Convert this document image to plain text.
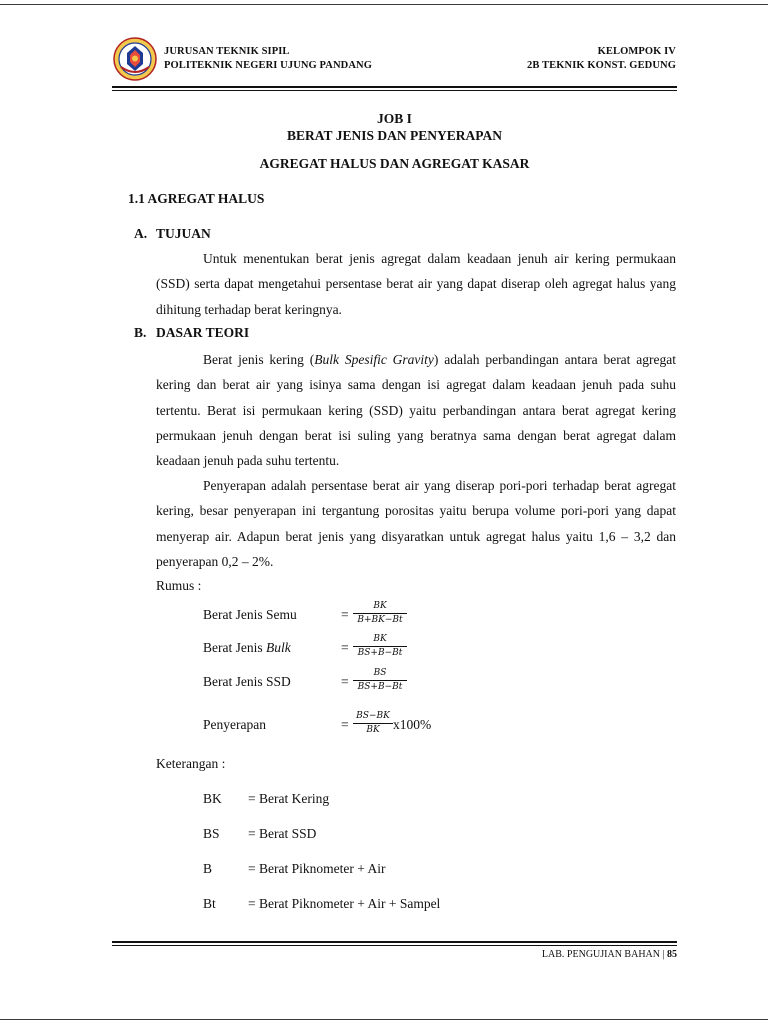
JURUSAN TEKNIK SIPIL
POLITEKNIK NEGERI UJUNG PANDANG
KELOMPOK IV
2B TEKNIK KONST. GEDUNG
JOB I
BERAT JENIS DAN PENYERAPAN
AGREGAT HALUS DAN AGREGAT KASAR
1.1 AGREGAT HALUS
A. TUJUAN

Untuk menentukan berat jenis agregat dalam keadaan jenuh air kering permukaan (SSD) serta dapat mengetahui persentase berat air yang dapat diserap oleh agregat halus yang dihitung terhadap berat keringnya.

B. DASAR TEORI

Berat jenis kering (Bulk Spesific Gravity) adalah perbandingan antara berat agregat kering dan berat air yang isinya sama dengan isi agregat dalam keadaan jenuh pada suhu tertentu. Berat isi permukaan kering (SSD) yaitu perbandingan antara berat agregat kering permukaan jenuh dengan berat isi suling yang beratnya sama dengan berat agregat dalam keadaan jenuh pada suhu tertentu.

Penyerapan adalah persentase berat air yang diserap pori-pori terhadap berat agregat kering, besar penyerapan ini tergantung porositas yaitu berupa volume pori-pori yang dapat menyerap air. Adapun berat jenis yang disyaratkan untuk agregat halus yaitu 1,6 – 3,2 dan penyerapan 0,2 – 2%.

Rumus :
Berat Jenis Semu	= $\frac{BK}{B+BK-Bt}$
Berat Jenis Bulk	= $\frac{BK}{BS+B-Bt}$
Berat Jenis SSD	= $\frac{BS}{BS+B-Bt}$
Penyerapan	= $\frac{BS-BK}{BK} x100\%$
Keterangan :
BK = Berat Kering
BS = Berat SSD
B	= Berat Piknometer + Air
Bt = Berat Piknometer + Air + Sampel
LAB. PENGUJIAN BAHAN | 85
